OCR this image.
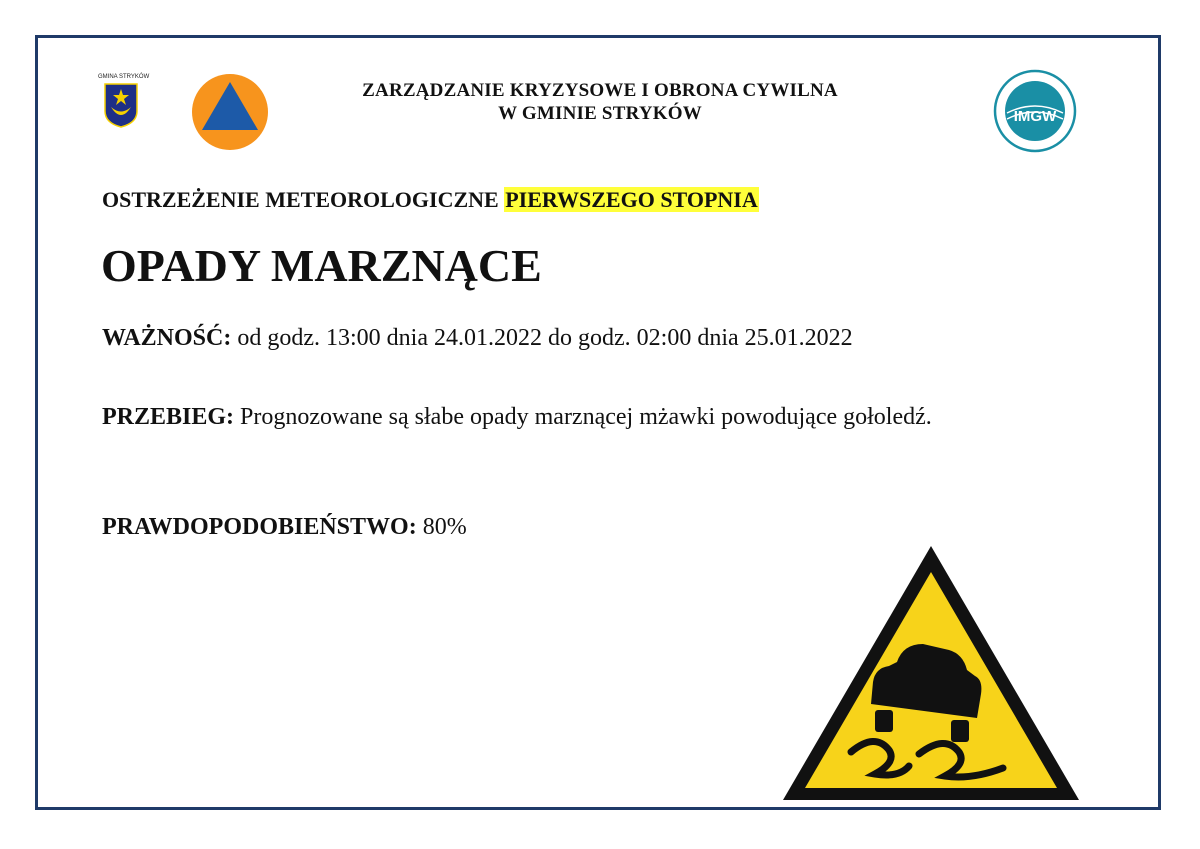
GMINA STRYKÓW
ZARZĄDZANIE KRYZYSOWE I OBRONA CYWILNA
W GMINIE STRYKÓW	IMGW
OSTRZEŻENIE METEOROLOGICZNE PIERWSZEGO STOPNIA
OPADY MARZNĄCE
WAŻNOŚĆ: od godz. 13:00 dnia 24.01.2022 do godz. 02:00 dnia 25.01.2022
PRZEBIEG: Prognozowane są słabe opady marznącej mżawki powodujące gołoledź.
PRAWDOPODOBIEŃSTWO: 80%
